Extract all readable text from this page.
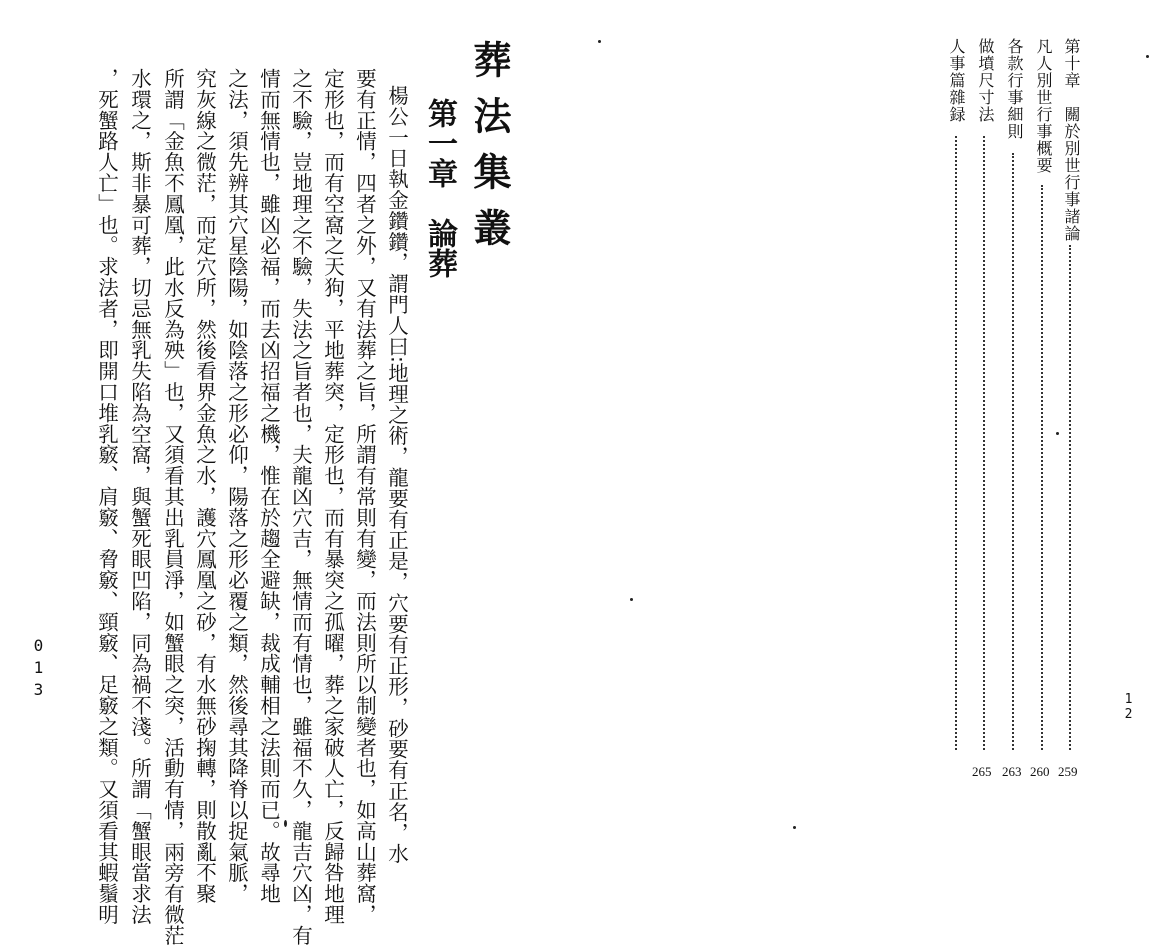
葬法集叢
第一章　論葬
楊公一日執金鑽鑽，謂門人曰∶地理之術，龍要有正是，穴要有正形，砂要有正名，水
要有正情，四者之外，又有法葬之旨，所謂有常則有變，而法則所以制變者也，如高山葬窩，
定形也，而有空窩之天狗，平地葬突，定形也，而有暴突之孤曜，葬之家破人亡，反歸咎地理
之不驗，豈地理之不驗，失法之旨者也，夫龍凶穴吉，無情而有情也，雖福不久，龍吉穴凶，有
情而無情也，雖凶必福，而去凶招福之機，惟在於趨全避缺，裁成輔相之法則而已。故尋地
之法，須先辨其穴星陰陽，如陰落之形必仰，陽落之形必覆之類，然後尋其降脊以捉氣脈，
究灰線之微茫，而定穴所，然後看界金魚之水，護穴鳳凰之砂，有水無砂掬轉，則散亂不聚
所謂「金魚不鳳凰，此水反為殃」也，又須看其出乳員淨，如蟹眼之突，活動有情，兩旁有微茫
水環之，斯非暴可葬，切忌無乳失陷為空窩，與蟹死眼凹陷，同為禍不淺。所謂「蟹眼當求法
，死蟹路人亡」也。求法者，即開口堆乳竅、肩竅、脅竅、頸竅、足竅之類。又須看其蝦鬚明
013
第十章　關於別世行事諸論
259
凡人別世行事概要
260
各款行事細則
263
做墳尺寸法
265
人事篇雜録
12
